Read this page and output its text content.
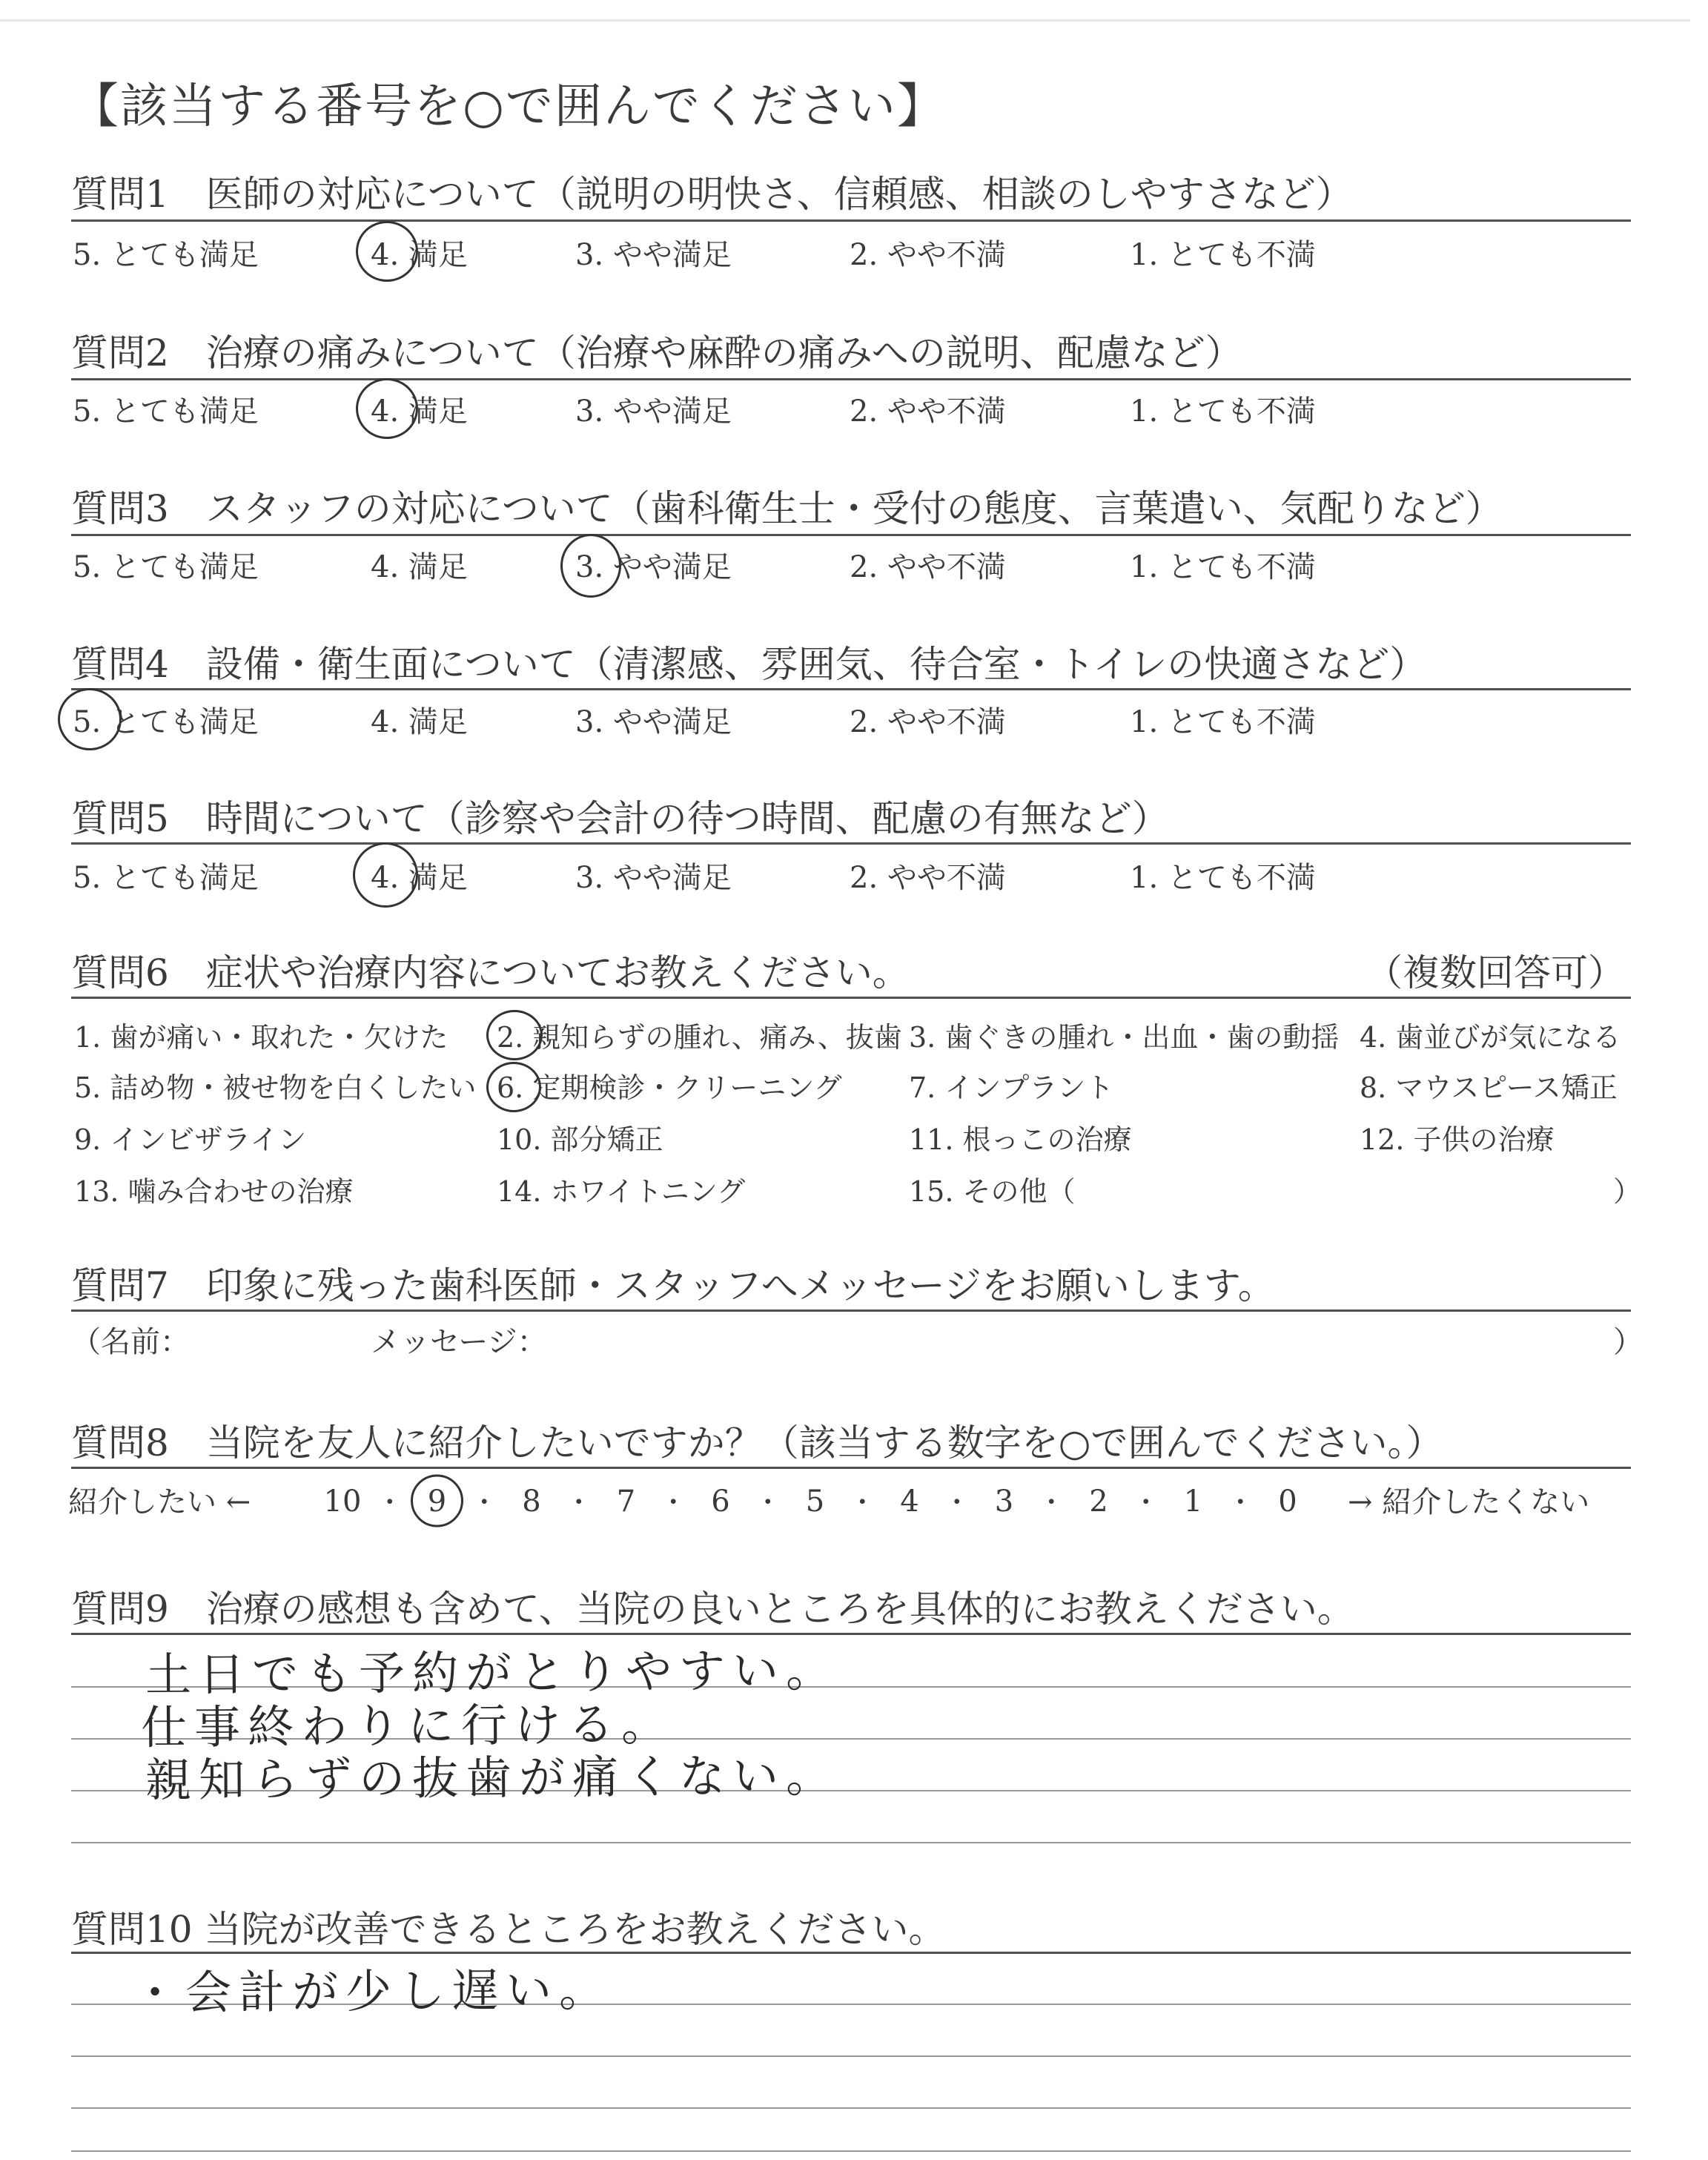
【該当する番号を○で囲んでください】
質問1　医師の対応について（説明の明快さ、信頼感、相談のしやすさなど）
5. とても満足	4. 満足	3. やや満足	2. やや不満	1. とても不満
質問2　治療の痛みについて（治療や麻酔の痛みへの説明、配慮など）
5. とても満足	4. 満足	3. やや満足	2. やや不満	1. とても不満
質問3　スタッフの対応について（歯科衛生士・受付の態度、言葉遣い、気配りなど）
5. とても満足	4. 満足	3. やや満足	2. やや不満	1. とても不満
質問4　設備・衛生面について（清潔感、雰囲気、待合室・トイレの快適さなど）
5. とても満足	4. 満足	3. やや満足	2. やや不満	1. とても不満
質問5　時間について（診察や会計の待つ時間、配慮の有無など）
5. とても満足	4. 満足	3. やや満足	2. やや不満	1. とても不満
質問6　症状や治療内容についてお教えください。	（複数回答可）
1. 歯が痛い・取れた・欠けた 2. 親知らずの腫れ、痛み、抜歯 3. 歯ぐきの腫れ・出血・歯の動揺 4. 歯並びが気になる
5. 詰め物・被せ物を白くしたい 6. 定期検診・クリーニング 7. インプラント	8. マウスピース矯正
9. インビザライン	10. 部分矯正	11. 根っこの治療	12. 子供の治療
13. 噛み合わせの治療	14. ホワイトニング	15. その他（	）
質問7　印象に残った歯科医師・スタッフへメッセージをお願いします。
（名前：	メッセージ：	）
質問8　当院を友人に紹介したいですか？（該当する数字を○で囲んでください。）
紹介したい ←	→ 紹介したくない
10 ・ 9 ・ 8 ・ 7 ・ 6 ・ 5 ・ 4 ・ 3 ・ 2 ・ 1 ・ 0
質問9　治療の感想も含めて、当院の良いところを具体的にお教えください。
土日でも予約がとりやすい。
仕事終わりに行ける。
親知らずの抜歯が痛くない。
質問10 当院が改善できるところをお教えください。
・会計が少し遅い。
